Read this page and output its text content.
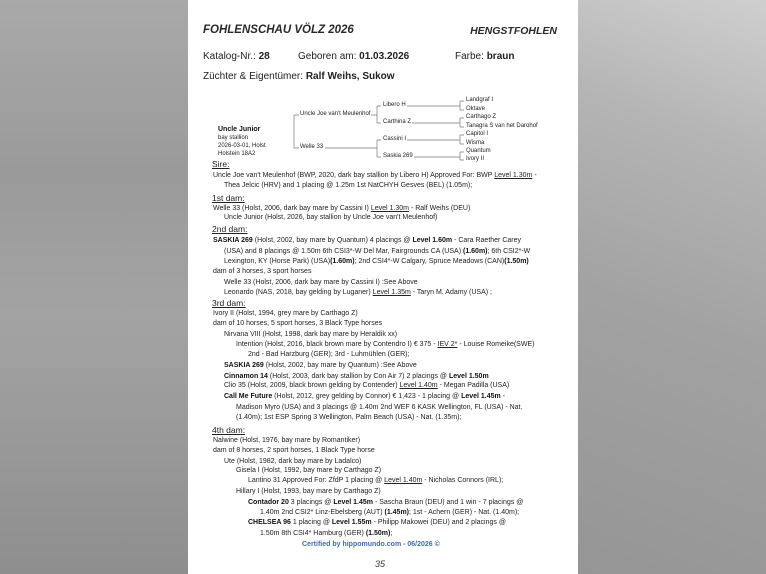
FOHLENSCHAU VÖLZ 2026	HENGSTFOHLEN
Katalog-Nr.: 28	Geboren am: 01.03.2026	Farbe: braun
Züchter & Eigentümer: Ralf Weihs, Sukow
Uncle Junior
bay stallion
2026-03-01, Holst
Holstein 18A2
Uncle Joe van't Meulenhof
Welle 33
Libero H
Carthina Z
Cassini I
Saskia 269
Landgraf I
Oktave
Carthago Z
Tanagra S van het Darohof
Capitol I
Wisma
Quantum
Ivory II
Sire:
Uncle Joe van't Meulenhof (BWP, 2020, dark bay stallion by Libero H) Approved For: BWP Level 1.30m -
Thea Jelcic (HRV) and 1 placing @ 1.25m 1st NatCHYH Gesves (BEL) (1.05m);
1st dam:
Welle 33 (Holst, 2006, dark bay mare by Cassini I) Level 1.30m - Ralf Weihs (DEU)
Uncle Junior (Holst, 2026, bay stallion by Uncle Joe van't Meulenhof)
2nd dam:
SASKIA 269 (Holst, 2002, bay mare by Quantum) 4 placings @ Level 1.60m - Cara Raether Carey
(USA) and 8 placings @ 1.50m 6th CSI3*-W Del Mar, Fairgrounds CA (USA) (1.60m); 6th CSI2*-W
Lexington, KY (Horse Park) (USA)(1.60m); 2nd CSI4*-W Calgary, Spruce Meadows (CAN)(1.50m)
dam of 3 horses, 3 sport horses
Welle 33 (Holst, 2006, dark bay mare by Cassini I) :See Above
Leonardo (NAS, 2018, bay gelding by Luganer) Level 1.35m - Taryn M. Adamy (USA) ;
3rd dam:
Ivory II (Holst, 1994, grey mare by Carthago Z)
dam of 10 horses, 5 sport horses, 3 Black Type horses
Nirvana VIII (Holst, 1998, dark bay mare by Heraldik xx)
Intention (Holst, 2016, black brown mare by Contendro I) € 375 - IEV 2* - Louise Romeike(SWE)
2nd - Bad Harzburg (GER); 3rd - Luhmühlen (GER);
SASKIA 269 (Holst, 2002, bay mare by Quantum) :See Above
Cinnamon 14 (Holst, 2003, dark bay stallion by Con Air 7) 2 placings @ Level 1.50m
Clio 35 (Holst, 2009, black brown gelding by Contender) Level 1.40m - Megan Padilla (USA)
Call Me Future (Holst, 2012, grey gelding by Connor) € 1,423 - 1 placing @ Level 1.45m -
Madison Myro (USA) and 3 placings @ 1.40m 2nd WEF 6 KASK Wellington, FL (USA) - Nat.
(1.40m); 1st ESP Spring 3 Wellington, Palm Beach (USA) - Nat. (1.35m);
4th dam:
Nalwine (Holst, 1976, bay mare by Romantiker)
dam of 8 horses, 2 sport horses, 1 Black Type horse
Ute (Holst, 1982, dark bay mare by Ladalco)
Gisela I (Holst, 1992, bay mare by Carthago Z)
Lantino 31 Approved For: ZfdP 1 placing @ Level 1.40m - Nicholas Connors (IRL);
Hillary I (Holst, 1993, bay mare by Carthago Z)
Contador 20 3 placings @ Level 1.45m - Sascha Braun (DEU) and 1 win - 7 placings @
1.40m 2nd CSI2* Linz-Ebelsberg (AUT) (1.45m); 1st - Achern (GER) - Nat. (1.40m);
CHELSEA 96 1 placing @ Level 1.55m - Philipp Makowei (DEU) and 2 placings @
1.50m 8th CSI4* Hamburg (GER) (1.50m);
Certified by hippomundo.com - 06/2026 ©
35
